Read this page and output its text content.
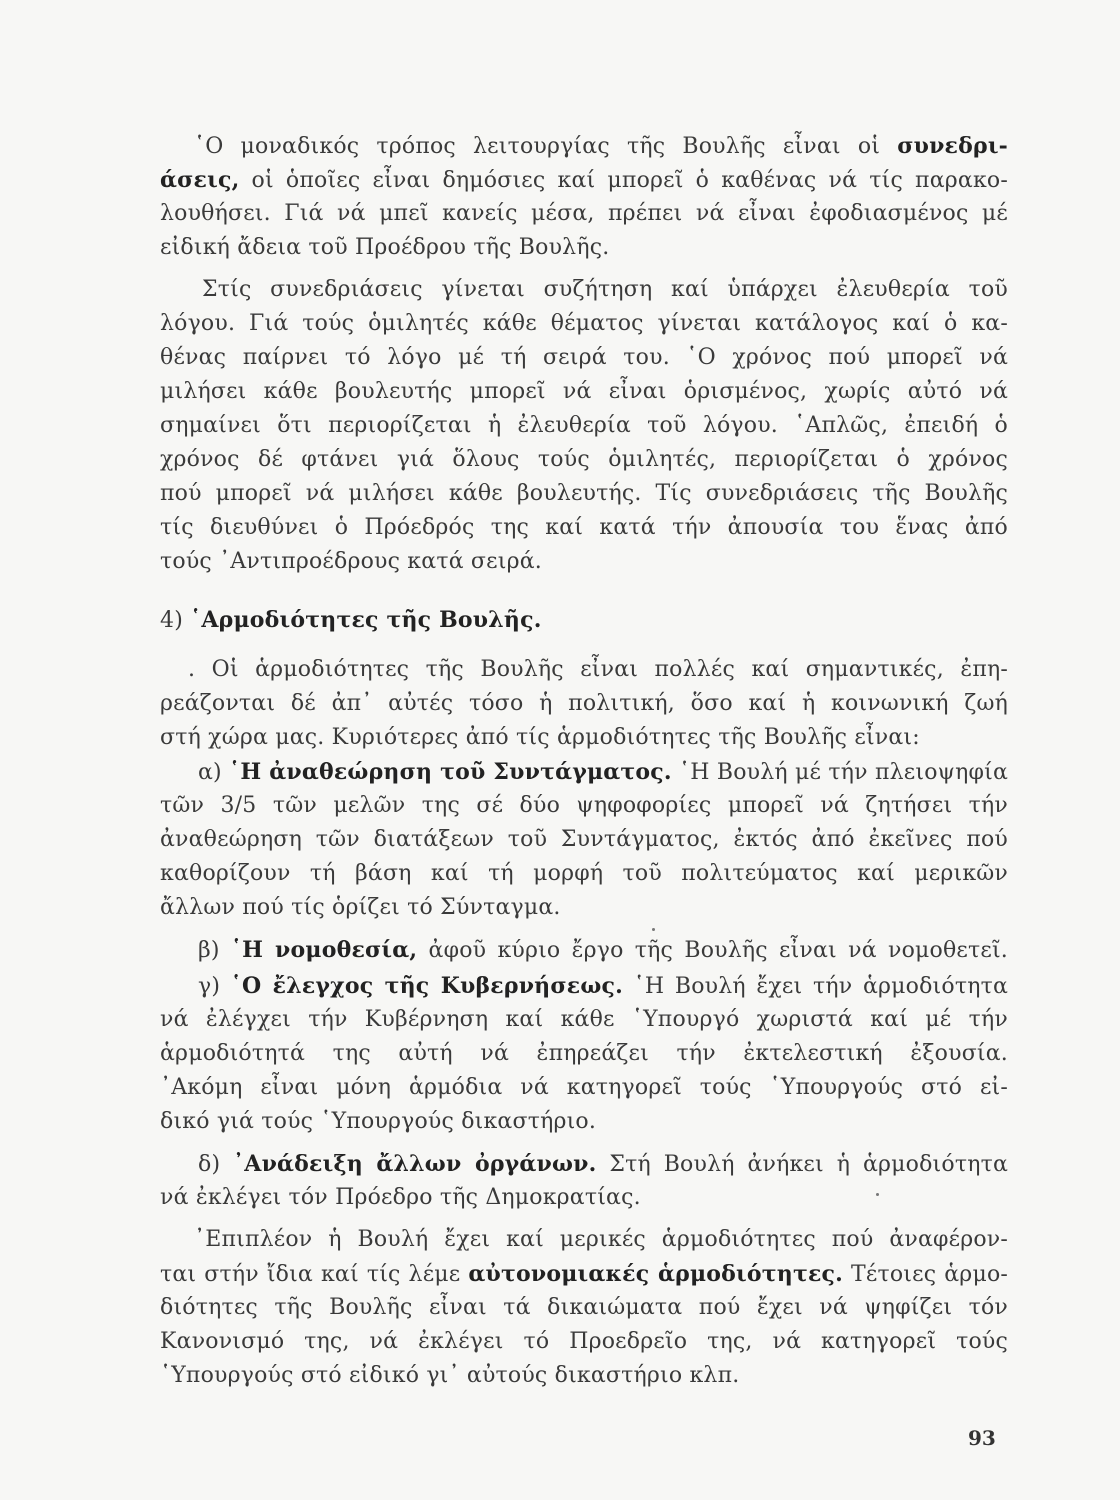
῾Ο μοναδικός τρόπος λειτουργίας τῆς Βουλῆς εἶναι οἱ συνεδρι-
άσεις, οἱ ὁποῖες εἶναι δημόσιες καί μπορεῖ ὁ καθένας νά τίς παρακο-
λουθήσει. Γιά νά μπεῖ κανείς μέσα, πρέπει νά εἶναι ἐφοδιασμένος μέ
εἰδική ἄδεια τοῦ Προέδρου τῆς Βουλῆς.
Στίς συνεδριάσεις γίνεται συζήτηση καί ὑπάρχει ἐλευθερία τοῦ
λόγου. Γιά τούς ὁμιλητές κάθε θέματος γίνεται κατάλογος καί ὁ κα-
θένας παίρνει τό λόγο μέ τή σειρά του. ῾Ο χρόνος πού μπορεῖ νά
μιλήσει κάθε βουλευτής μπορεῖ νά εἶναι ὁρισμένος, χωρίς αὐτό νά
σημαίνει ὅτι περιορίζεται ἡ ἐλευθερία τοῦ λόγου. ῾Απλῶς, ἐπειδή ὁ
χρόνος δέ φτάνει γιά ὅλους τούς ὁμιλητές, περιορίζεται ὁ χρόνος
πού μπορεῖ νά μιλήσει κάθε βουλευτής. Τίς συνεδριάσεις τῆς Βουλῆς
τίς διευθύνει ὁ Πρόεδρός της καί κατά τήν ἀπουσία του ἕνας ἀπό
τούς ᾽Αντιπροέδρους κατά σειρά.
4) ῾Αρμοδιότητες τῆς Βουλῆς.
. Οἱ ἁρμοδιότητες τῆς Βουλῆς εἶναι πολλές καί σημαντικές, ἐπη-
ρεάζονται δέ ἀπ᾽ αὐτές τόσο ἡ πολιτική, ὅσο καί ἡ κοινωνική ζωή
στή χώρα μας. Κυριότερες ἀπό τίς ἁρμοδιότητες τῆς Βουλῆς εἶναι:
α) ῾Η ἀναθεώρηση τοῦ Συντάγματος. ῾Η Βουλή μέ τήν πλειοψηφία
τῶν 3/5 τῶν μελῶν της σέ δύο ψηφοφορίες μπορεῖ νά ζητήσει τήν
ἀναθεώρηση τῶν διατάξεων τοῦ Συντάγματος, ἐκτός ἀπό ἐκεῖνες πού
καθορίζουν τή βάση καί τή μορφή τοῦ πολιτεύματος καί μερικῶν
ἄλλων πού τίς ὁρίζει τό Σύνταγμα.
β) ῾Η νομοθεσία, ἀφοῦ κύριο ἔργο τῆς Βουλῆς εἶναι νά νομοθετεῖ.
γ) ῾Ο ἔλεγχος τῆς Κυβερνήσεως. ῾Η Βουλή ἔχει τήν ἁρμοδιότητα
νά ἐλέγχει τήν Κυβέρνηση καί κάθε ῾Υπουργό χωριστά καί μέ τήν
ἁρμοδιότητά της αὐτή νά ἐπηρεάζει τήν ἐκτελεστική ἐξουσία.
᾽Ακόμη εἶναι μόνη ἁρμόδια νά κατηγορεῖ τούς ῾Υπουργούς στό εἰ-
δικό γιά τούς ῾Υπουργούς δικαστήριο.
δ) ᾽Ανάδειξη ἄλλων ὀργάνων. Στή Βουλή ἀνήκει ἡ ἁρμοδιότητα
νά ἐκλέγει τόν Πρόεδρο τῆς Δημοκρατίας.
᾽Επιπλέον ἡ Βουλή ἔχει καί μερικές ἁρμοδιότητες πού ἀναφέρον-
ται στήν ἴδια καί τίς λέμε αὐτονομιακές ἁρμοδιότητες. Τέτοιες ἁρμο-
διότητες τῆς Βουλῆς εἶναι τά δικαιώματα πού ἔχει νά ψηφίζει τόν
Κανονισμό της, νά ἐκλέγει τό Προεδρεῖο της, νά κατηγορεῖ τούς
῾Υπουργούς στό εἰδικό γι᾽ αὐτούς δικαστήριο κλπ.
93
